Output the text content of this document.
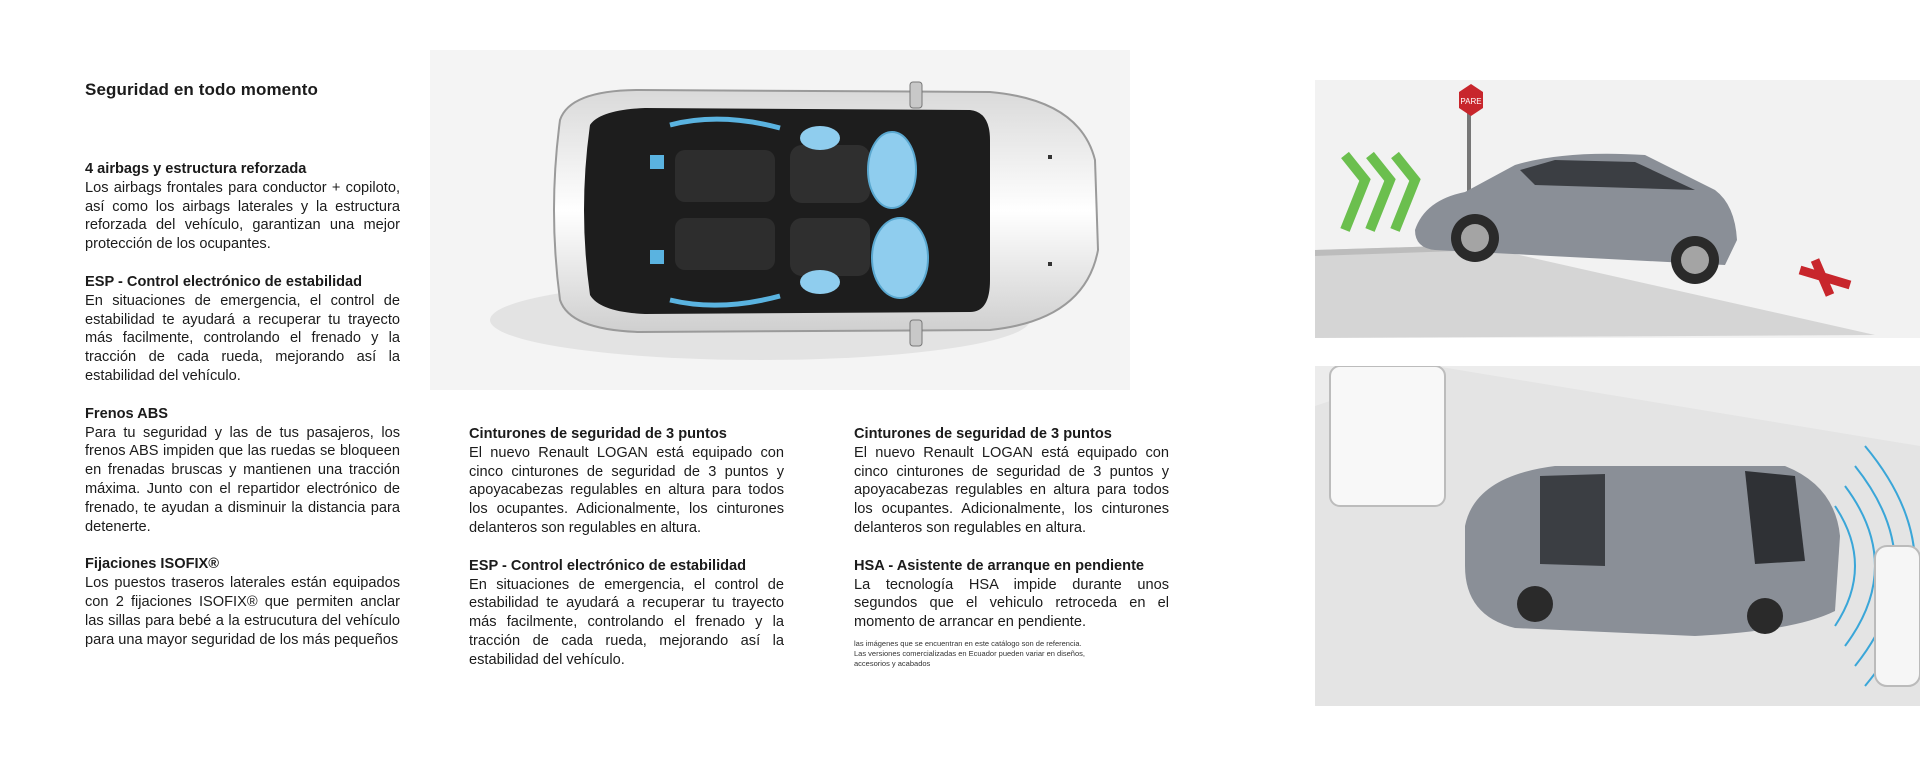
Seguridad en todo momento
4 airbags y estructura reforzada

Los airbags frontales para conductor + copiloto, así como los airbags laterales y la estructura reforzada del vehículo, garantizan una mejor protección de los ocupantes.

ESP - Control electrónico de estabilidad

En situaciones de emergencia, el control de estabilidad te ayudará a recuperar tu trayecto más facilmente, controlando el frenado y la tracción de cada rueda, mejorando así la estabilidad del vehículo.

Frenos ABS

Para tu seguridad y las de tus pasajeros, los frenos ABS impiden que las ruedas se bloqueen en frenadas bruscas y mantienen una tracción máxima. Junto con el repartidor electrónico de frenado, te ayudan a disminuir la distancia para detenerte.

Fijaciones ISOFIX®

Los puestos traseros laterales están equipados con 2 fijaciones ISOFIX® que permiten anclar las sillas para bebé a la estrucutura del vehículo para una mayor seguridad de los más pequeños

Cinturones de seguridad de 3 puntos

El nuevo Renault LOGAN está equipado con cinco cinturones de seguridad de 3 puntos y apoyacabezas regulables en altura para todos los ocupantes. Adicionalmente, los cinturones delanteros son regulables en altura.

ESP - Control electrónico de estabilidad

En situaciones de emergencia, el control de estabilidad te ayudará a recuperar tu trayecto más facilmente, controlando el frenado y la tracción de cada rueda, mejorando así la estabilidad del vehículo.

Cinturones de seguridad de 3 puntos

El nuevo Renault LOGAN está equipado con cinco cinturones de seguridad de 3 puntos y apoyacabezas regulables en altura para todos los ocupantes. Adicionalmente, los cinturones delanteros son regulables en altura.

HSA - Asistente de arranque en pendiente

La tecnología HSA impide durante unos segundos que el vehiculo retroceda en el momento de arrancar en pendiente.

las imágenes que se encuentran en este catálogo son de referencia.
Las versiones comercializadas en Ecuador pueden variar en diseños,
accesorios y acabados
PARE
